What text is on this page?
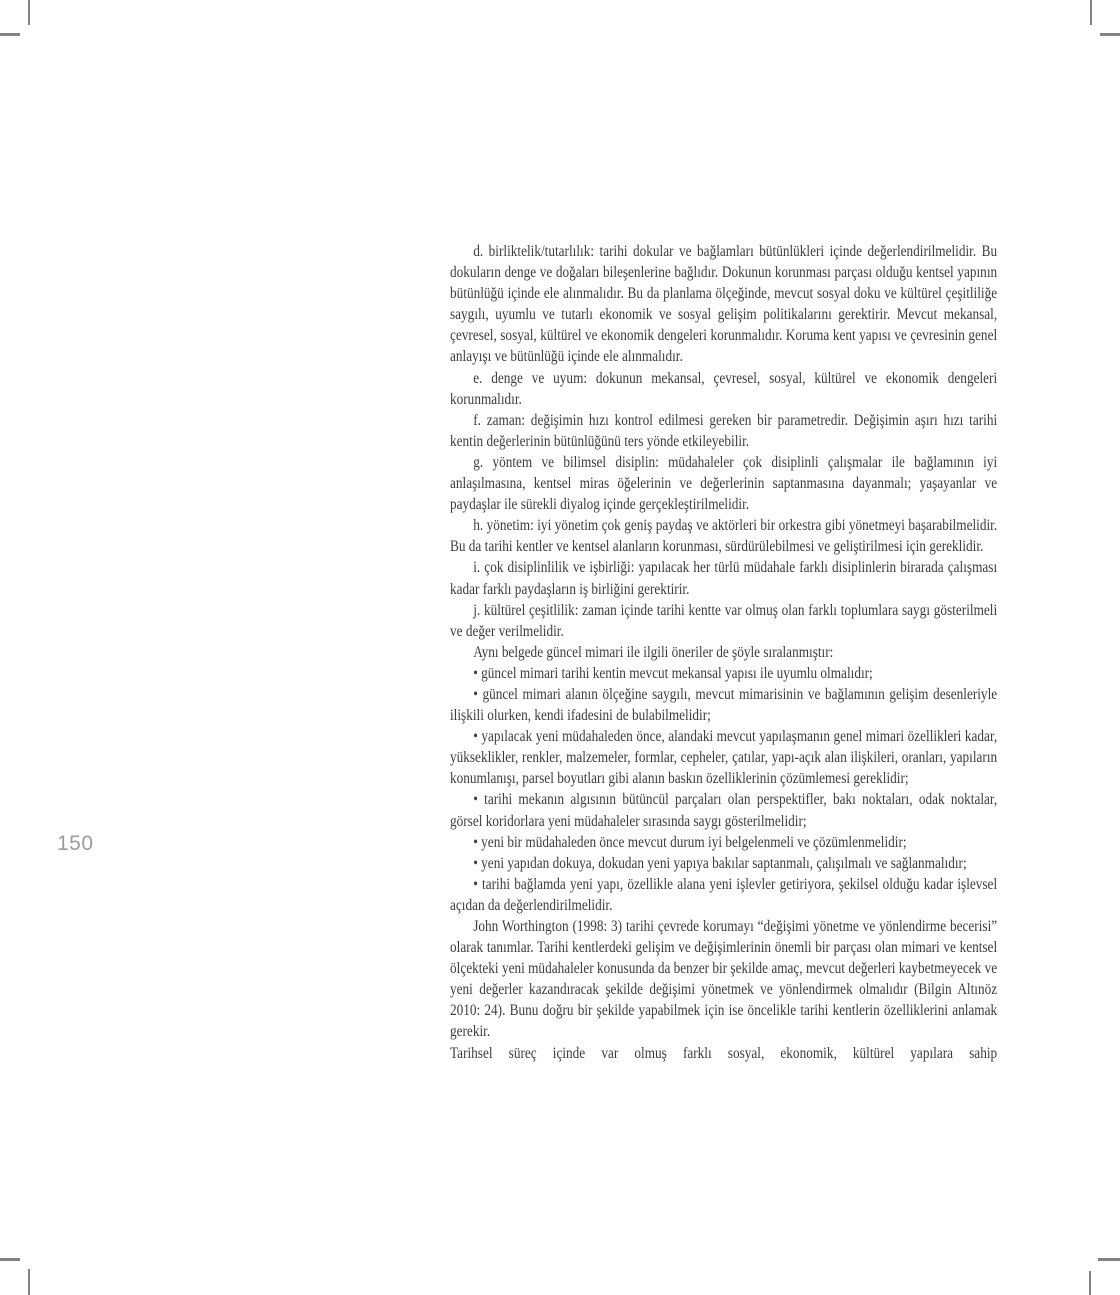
150

d. birliktelik/tutarlılık: tarihi dokular ve bağlamları bütünlükleri içinde değerlendirilmelidir. Bu dokuların denge ve doğaları bileşenlerine bağlıdır. Dokunun korunması parçası olduğu kentsel yapının bütünlüğü içinde ele alınmalıdır. Bu da planlama ölçeğinde, mevcut sosyal doku ve kültürel çeşitliliğe saygılı, uyumlu ve tutarlı ekonomik ve sosyal gelişim politikalarını gerektirir. Mevcut mekansal, çevresel, sosyal, kültürel ve ekonomik dengeleri korunmalıdır. Koruma kent yapısı ve çevresinin genel anlayışı ve bütünlüğü içinde ele alınmalıdır.

e. denge ve uyum: dokunun mekansal, çevresel, sosyal, kültürel ve ekonomik dengeleri korunmalıdır.

f. zaman: değişimin hızı kontrol edilmesi gereken bir parametredir. Değişimin aşırı hızı tarihi kentin değerlerinin bütünlüğünü ters yönde etkileyebilir.

g. yöntem ve bilimsel disiplin: müdahaleler çok disiplinli çalışmalar ile bağlamının iyi anlaşılmasına, kentsel miras öğelerinin ve değerlerinin saptanmasına dayanmalı; yaşayanlar ve paydaşlar ile sürekli diyalog içinde gerçekleştirilmelidir.

h. yönetim: iyi yönetim çok geniş paydaş ve aktörleri bir orkestra gibi yönetmeyi başarabilmelidir. Bu da tarihi kentler ve kentsel alanların korunması, sürdürülebilmesi ve geliştirilmesi için gereklidir.

i. çok disiplinlilik ve işbirliği: yapılacak her türlü müdahale farklı disiplinlerin birarada çalışması kadar farklı paydaşların iş birliğini gerektirir.

j. kültürel çeşitlilik: zaman içinde tarihi kentte var olmuş olan farklı toplumlara saygı gösterilmeli ve değer verilmelidir.

Aynı belgede güncel mimari ile ilgili öneriler de şöyle sıralanmıştır:

• güncel mimari tarihi kentin mevcut mekansal yapısı ile uyumlu olmalıdır;

• güncel mimari alanın ölçeğine saygılı, mevcut mimarisinin ve bağlamının gelişim desenleriyle ilişkili olurken, kendi ifadesini de bulabilmelidir;

• yapılacak yeni müdahaleden önce, alandaki mevcut yapılaşmanın genel mimari özellikleri kadar, yükseklikler, renkler, malzemeler, formlar, cepheler, çatılar, yapı-açık alan ilişkileri, oranları, yapıların konumlanışı, parsel boyutları gibi alanın baskın özelliklerinin çözümlemesi gereklidir;

• tarihi mekanın algısının bütüncül parçaları olan perspektifler, bakı noktaları, odak noktalar, görsel koridorlara yeni müdahaleler sırasında saygı gösterilmelidir;

• yeni bir müdahaleden önce mevcut durum iyi belgelenmeli ve çözümlenmelidir;

• yeni yapıdan dokuya, dokudan yeni yapıya bakılar saptanmalı, çalışılmalı ve sağlanmalıdır;

• tarihi bağlamda yeni yapı, özellikle alana yeni işlevler getiriyora, şekilsel olduğu kadar işlevsel açıdan da değerlendirilmelidir.

John Worthington (1998: 3) tarihi çevrede korumayı “değişimi yönetme ve yönlendirme becerisi” olarak tanımlar. Tarihi kentlerdeki gelişim ve değişimlerinin önemli bir parçası olan mimari ve kentsel ölçekteki yeni müdahaleler konusunda da benzer bir şekilde amaç, mevcut değerleri kaybetmeyecek ve yeni değerler kazandıracak şekilde değişimi yönetmek ve yönlendirmek olmalıdır (Bilgin Altınöz 2010: 24). Bunu doğru bir şekilde yapabilmek için ise öncelikle tarihi kentlerin özelliklerini anlamak gerekir.

Tarihsel süreç içinde var olmuş farklı sosyal, ekonomik, kültürel yapılara sahip
